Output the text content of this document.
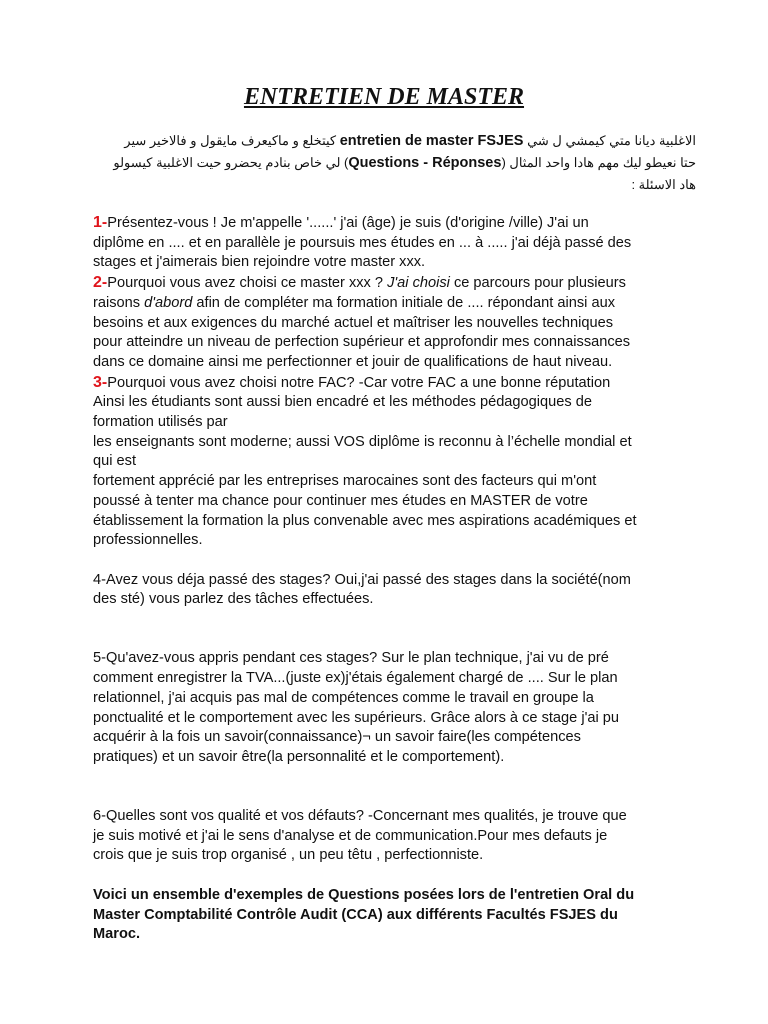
ENTRETIEN DE MASTER
الاغلبية ديانا متي كيمشي ل شي entretien de master FSJES كيتخلع و ماكيعرف مايقول و فالاخير سير
حتا نعيطو ليك مهم هادا واحد المثال (Questions - Réponses) لي خاص بنادم يحضرو حيت الاغلبية كيسولو
هاد الاسئلة :
1-Présentez-vous ! Je m'appelle '......' j'ai (âge) je suis (d'origine /ville) J'ai un
diplôme en .... et en parallèle je poursuis mes études en ... à ..... j'ai déjà passé des
stages et j'aimerais bien rejoindre votre master xxx.
2-Pourquoi vous avez choisi ce master xxx ? J'ai choisi ce parcours pour plusieurs
raisons d'abord afin de compléter ma formation initiale de .... répondant ainsi aux
besoins et aux exigences du marché actuel et maîtriser les nouvelles techniques
pour atteindre un niveau de perfection supérieur et approfondir mes connaissances
dans ce domaine ainsi me perfectionner et jouir de qualifications de haut niveau.
3-Pourquoi vous avez choisi notre FAC? -Car votre FAC a une bonne réputation
Ainsi les étudiants sont aussi bien encadré et les méthodes pédagogiques de
formation utilisés par
les enseignants sont moderne; aussi VOS diplôme is reconnu à l’échelle mondial et
qui est
fortement apprécié par les entreprises marocaines sont des facteurs qui m'ont
poussé à tenter ma chance pour continuer mes études en MASTER de votre
établissement la formation la plus convenable avec mes aspirations académiques et
professionnelles.
4-Avez vous déja passé des stages? Oui,j'ai passé des stages dans la société(nom
des sté) vous parlez des tâches effectuées.
5-Qu'avez-vous appris pendant ces stages? Sur le plan technique, j'ai vu de pré
comment enregistrer la TVA...(juste ex)j'étais également chargé de .... Sur le plan
relationnel, j'ai acquis pas mal de compétences comme le travail en groupe la
ponctualité et le comportement avec les supérieurs. Grâce alors à ce stage j'ai pu
acquérir à la fois un savoir(connaissance)¬ un savoir faire(les compétences
pratiques) et un savoir être(la personnalité et le comportement).
6-Quelles sont vos qualité et vos défauts? -Concernant mes qualités, je trouve que
je suis motivé et j'ai le sens d'analyse et de communication.Pour mes defauts je
crois que je suis trop organisé , un peu têtu , perfectionniste.
Voici un ensemble d'exemples de Questions posées lors de l'entretien Oral du
Master Comptabilité Contrôle Audit (CCA) aux différents Facultés FSJES du
Maroc.
